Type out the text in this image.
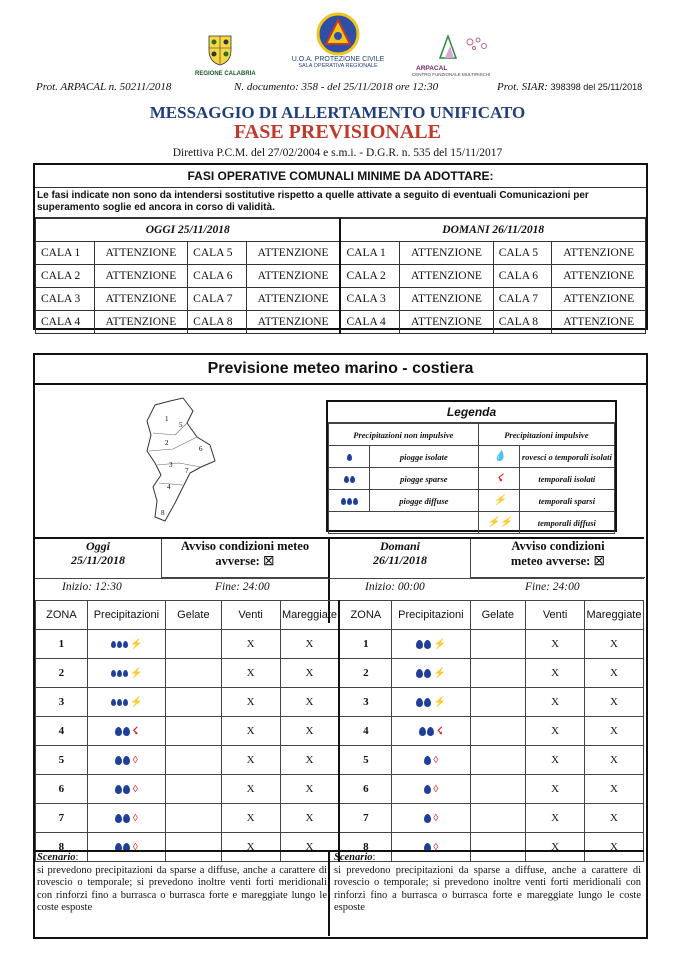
REGIONE CALABRIA
U.O.A. PROTEZIONE CIVILE
SALA OPERATIVA REGIONALE	ARPACAL
CENTRO FUNZIONALE MULTIRISCHI
Prot. ARPACAL n. 50211/2018	N. documento: 358 - del 25/11/2018 ore 12:30	Prot. SIAR: 398398 del 25/11/2018
MESSAGGIO DI ALLERTAMENTO UNIFICATO
FASE PREVISIONALE
Direttiva P.C.M. del 27/02/2004 e s.m.i. - D.G.R. n. 535 del 15/11/2017
FASI OPERATIVE COMUNALI MINIME DA ADOTTARE:
Le fasi indicate non sono da intendersi sostitutive rispetto a quelle attivate a seguito di eventuali Comunicazioni per superamento soglie ed ancora in corso di validità.
OGGI 25/11/2018				DOMANI 26/11/2018			
CALA 1	ATTENZIONE	CALA 5	ATTENZIONE	CALA 1	ATTENZIONE	CALA 5	ATTENZIONE
CALA 2	ATTENZIONE	CALA 6	ATTENZIONE	CALA 2	ATTENZIONE	CALA 6	ATTENZIONE
CALA 3	ATTENZIONE	CALA 7	ATTENZIONE	CALA 3	ATTENZIONE	CALA 7	ATTENZIONE
CALA 4	ATTENZIONE	CALA 8	ATTENZIONE	CALA 4	ATTENZIONE	CALA 8	ATTENZIONE
Previsione meteo marino - costiera
1
5
2
6
3
7
4
8
Legenda
Precipitazioni non impulsive		Precipitazioni impulsive	
	piogge isolate	💧	rovesci o temporali isolati
	piogge sparse	☇	temporali isolati
	piogge diffuse	⚡	temporali sparsi
		⚡⚡	temporali diffusi
Oggi
25/11/2018
Avviso condizioni meteo
avverse: ⊠
Domani
26/11/2018
Avviso condizioni
meteo avverse: ⊠
Inizio: 12:30	Fine: 24:00	Inizio: 00:00	Fine: 24:00
ZONA	Precipitazioni	Gelate	Venti	Mareggiate	ZONA	Precipitazioni	Gelate	Venti	Mareggiate
1	⚡		X	X	1	⚡		X	X
2	⚡		X	X	2	⚡		X	X
3	⚡		X	X	3	⚡		X	X
4	☇		X	X	4	☇		X	X
5	◊		X	X	5	◊		X	X
6	◊		X	X	6	◊		X	X
7	◊		X	X	7	◊		X	X
8	◊		X	X	8	◊		X	X
Scenario:
si prevedono precipitazioni da sparse a diffuse, anche a carattere di rovescio o temporale; si prevedono inoltre venti forti meridionali con rinforzi fino a burrasca o burrasca forte e mareggiate lungo le coste esposte
Scenario:
si prevedono precipitazioni da sparse a diffuse, anche a carattere di rovescio o temporale; si prevedono inoltre venti forti meridionali con rinforzi fino a burrasca o burrasca forte e mareggiate lungo le coste esposte
